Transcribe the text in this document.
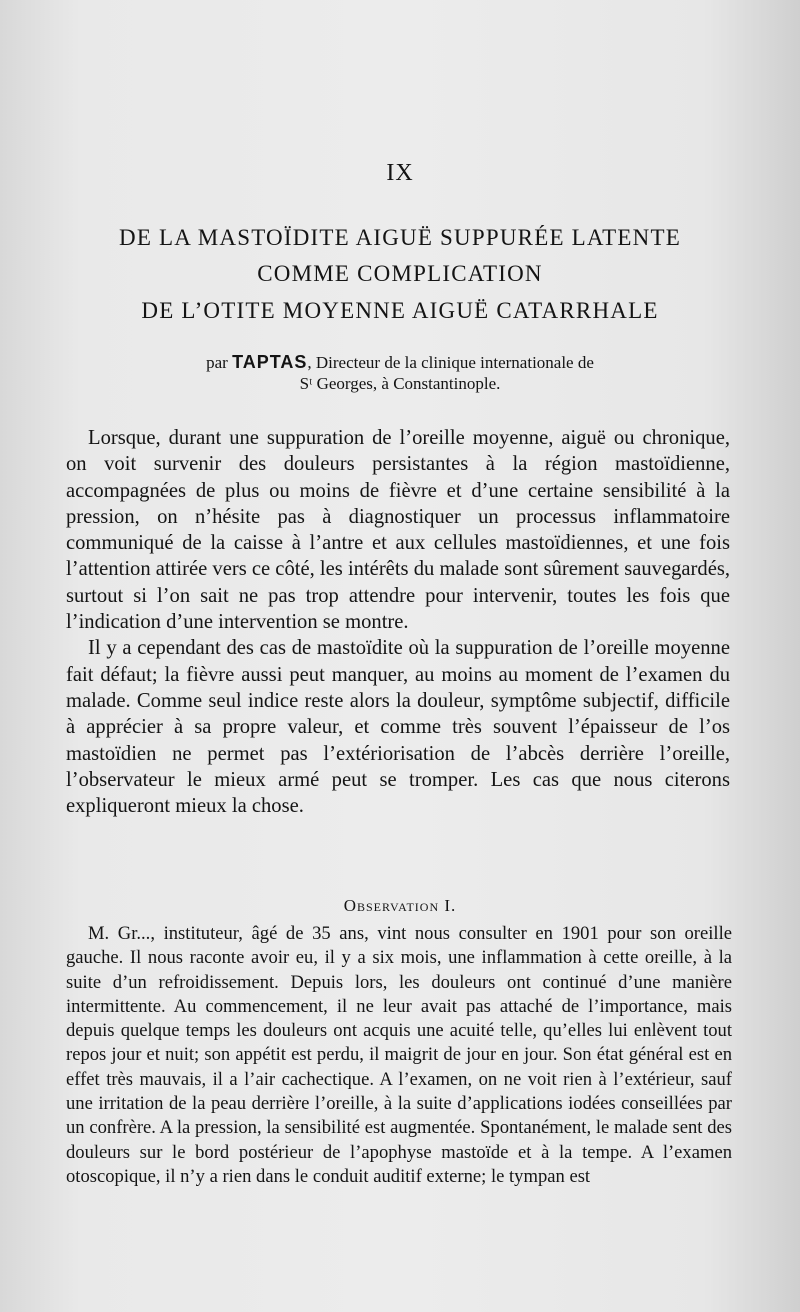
IX
DE LA MASTOÏDITE AIGUË SUPPURÉE LATENTE
COMME COMPLICATION
DE L’OTITE MOYENNE AIGUË CATARRHALE
par TAPTAS, Directeur de la clinique internationale de
Sᵗ Georges, à Constantinople.

Lorsque, durant une suppuration de l’oreille moyenne, aiguë ou chronique, on voit survenir des douleurs persistantes à la région mastoïdienne, accompagnées de plus ou moins de fièvre et d’une certaine sensibilité à la pression, on n’hésite pas à diagnostiquer un processus inflammatoire communiqué de la caisse à l’antre et aux cellules mastoïdiennes, et une fois l’attention attirée vers ce côté, les intérêts du malade sont sûrement sauvegardés, surtout si l’on sait ne pas trop attendre pour intervenir, toutes les fois que l’indication d’une intervention se montre.

Il y a cependant des cas de mastoïdite où la suppuration de l’oreille moyenne fait défaut; la fièvre aussi peut manquer, au moins au moment de l’examen du malade. Comme seul indice reste alors la douleur, symptôme subjectif, difficile à apprécier à sa propre valeur, et comme très souvent l’épaisseur de l’os mastoïdien ne permet pas l’extériorisation de l’abcès derrière l’oreille, l’observateur le mieux armé peut se tromper. Les cas que nous citerons expliqueront mieux la chose.

Observation I.

M. Gr..., instituteur, âgé de 35 ans, vint nous consulter en 1901 pour son oreille gauche. Il nous raconte avoir eu, il y a six mois, une inflammation à cette oreille, à la suite d’un refroidissement. Depuis lors, les douleurs ont continué d’une manière intermittente. Au commencement, il ne leur avait pas attaché de l’importance, mais depuis quelque temps les douleurs ont acquis une acuité telle, qu’elles lui enlèvent tout repos jour et nuit; son appétit est perdu, il maigrit de jour en jour. Son état général est en effet très mauvais, il a l’air cachectique. A l’examen, on ne voit rien à l’extérieur, sauf une irritation de la peau derrière l’oreille, à la suite d’applications iodées conseillées par un confrère. A la pression, la sensibilité est augmentée. Spontanément, le malade sent des douleurs sur le bord postérieur de l’apophyse mastoïde et à la tempe. A l’examen otoscopique, il n’y a rien dans le conduit auditif externe; le tympan est
